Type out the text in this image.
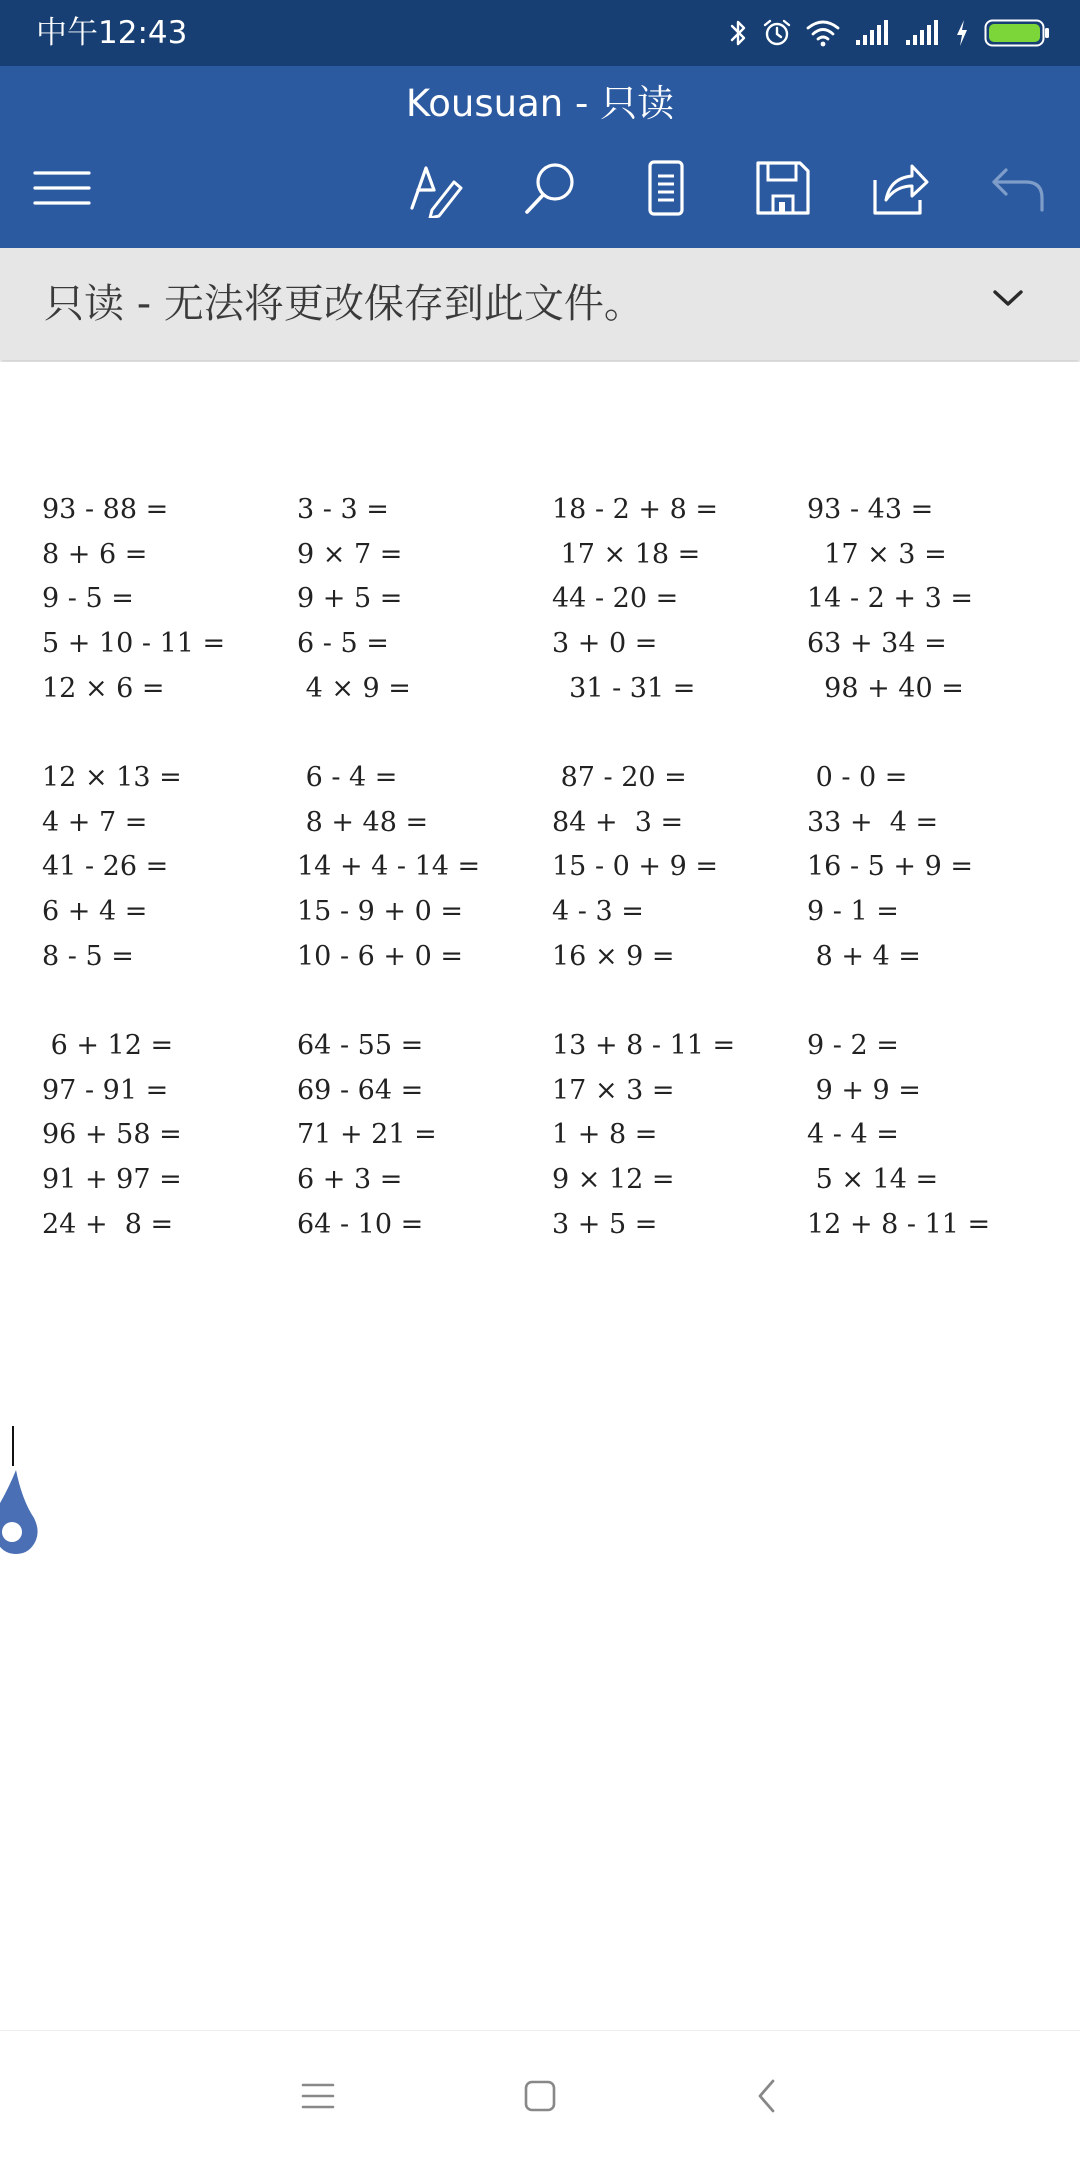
中午12:43
Kousuan - 只读
只读 - 无法将更改保存到此文件。
93 - 88 =
8 + 6 =
9 - 5 =
5 + 10 - 11 =
12 × 6 =
3 - 3 =
9 × 7 =
9 + 5 =
6 - 5 =
4 × 9 =
18 - 2 + 8 =
17 × 18 =
44 - 20 =
3 + 0 =
31 - 31 =
93 - 43 =
17 × 3 =
14 - 2 + 3 =
63 + 34 =
98 + 40 =
12 × 13 =
4 + 7 =
41 - 26 =
6 + 4 =
8 - 5 =
6 - 4 =
8 + 48 =
14 + 4 - 14 =
15 - 9 + 0 =
10 - 6 + 0 =
87 - 20 =
84 +  3 =
15 - 0 + 9 =
4 - 3 =
16 × 9 =
0 - 0 =
33 +  4 =
16 - 5 + 9 =
9 - 1 =
8 + 4 =
6 + 12 =
97 - 91 =
96 + 58 =
91 + 97 =
24 +  8 =
64 - 55 =
69 - 64 =
71 + 21 =
6 + 3 =
64 - 10 =
13 + 8 - 11 =
17 × 3 =
1 + 8 =
9 × 12 =
3 + 5 =
9 - 2 =
9 + 9 =
4 - 4 =
5 × 14 =
12 + 8 - 11 =
